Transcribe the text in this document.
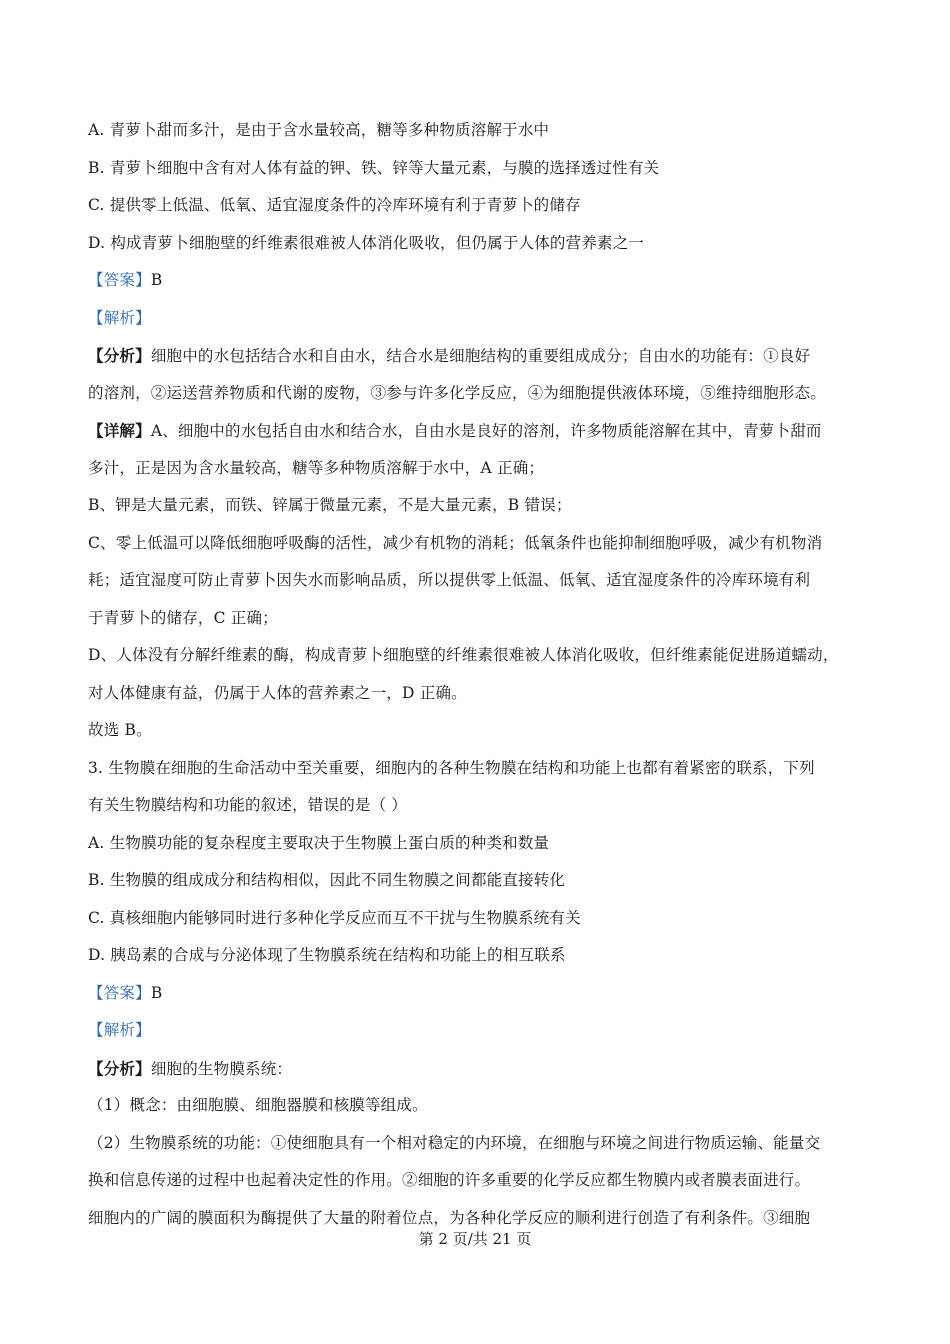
A. 青萝卜甜而多汁，是由于含水量较高，糖等多种物质溶解于水中
B. 青萝卜细胞中含有对人体有益的钾、铁、锌等大量元素，与膜的选择透过性有关
C. 提供零上低温、低氧、适宜湿度条件的冷库环境有利于青萝卜的储存
D. 构成青萝卜细胞壁的纤维素很难被人体消化吸收，但仍属于人体的营养素之一
【答案】B
【解析】
【分析】细胞中的水包括结合水和自由水，结合水是细胞结构的重要组成成分；自由水的功能有：①良好
的溶剂，②运送营养物质和代谢的废物，③参与许多化学反应，④为细胞提供液体环境，⑤维持细胞形态。
【详解】A、细胞中的水包括自由水和结合水，自由水是良好的溶剂，许多物质能溶解在其中，青萝卜甜而
多汁，正是因为含水量较高，糖等多种物质溶解于水中，A 正确；
B、钾是大量元素，而铁、锌属于微量元素，不是大量元素，B 错误；
C、零上低温可以降低细胞呼吸酶的活性，减少有机物的消耗；低氧条件也能抑制细胞呼吸，减少有机物消
耗；适宜湿度可防止青萝卜因失水而影响品质，所以提供零上低温、低氧、适宜湿度条件的冷库环境有利
于青萝卜的储存，C 正确；
D、人体没有分解纤维素的酶，构成青萝卜细胞壁的纤维素很难被人体消化吸收，但纤维素能促进肠道蠕动，
对人体健康有益，仍属于人体的营养素之一，D 正确。
故选 B。
3. 生物膜在细胞的生命活动中至关重要，细胞内的各种生物膜在结构和功能上也都有着紧密的联系，下列
有关生物膜结构和功能的叙述，错误的是（ ）
A. 生物膜功能的复杂程度主要取决于生物膜上蛋白质的种类和数量
B. 生物膜的组成成分和结构相似，因此不同生物膜之间都能直接转化
C. 真核细胞内能够同时进行多种化学反应而互不干扰与生物膜系统有关
D. 胰岛素的合成与分泌体现了生物膜系统在结构和功能上的相互联系
【答案】B
【解析】
【分析】细胞的生物膜系统：
（1）概念：由细胞膜、细胞器膜和核膜等组成。
（2）生物膜系统的功能：①使细胞具有一个相对稳定的内环境，在细胞与环境之间进行物质运输、能量交
换和信息传递的过程中也起着决定性的作用。②细胞的许多重要的化学反应都生物膜内或者膜表面进行。
细胞内的广阔的膜面积为酶提供了大量的附着位点，为各种化学反应的顺利进行创造了有利条件。③细胞
第 2 页/共 21 页
